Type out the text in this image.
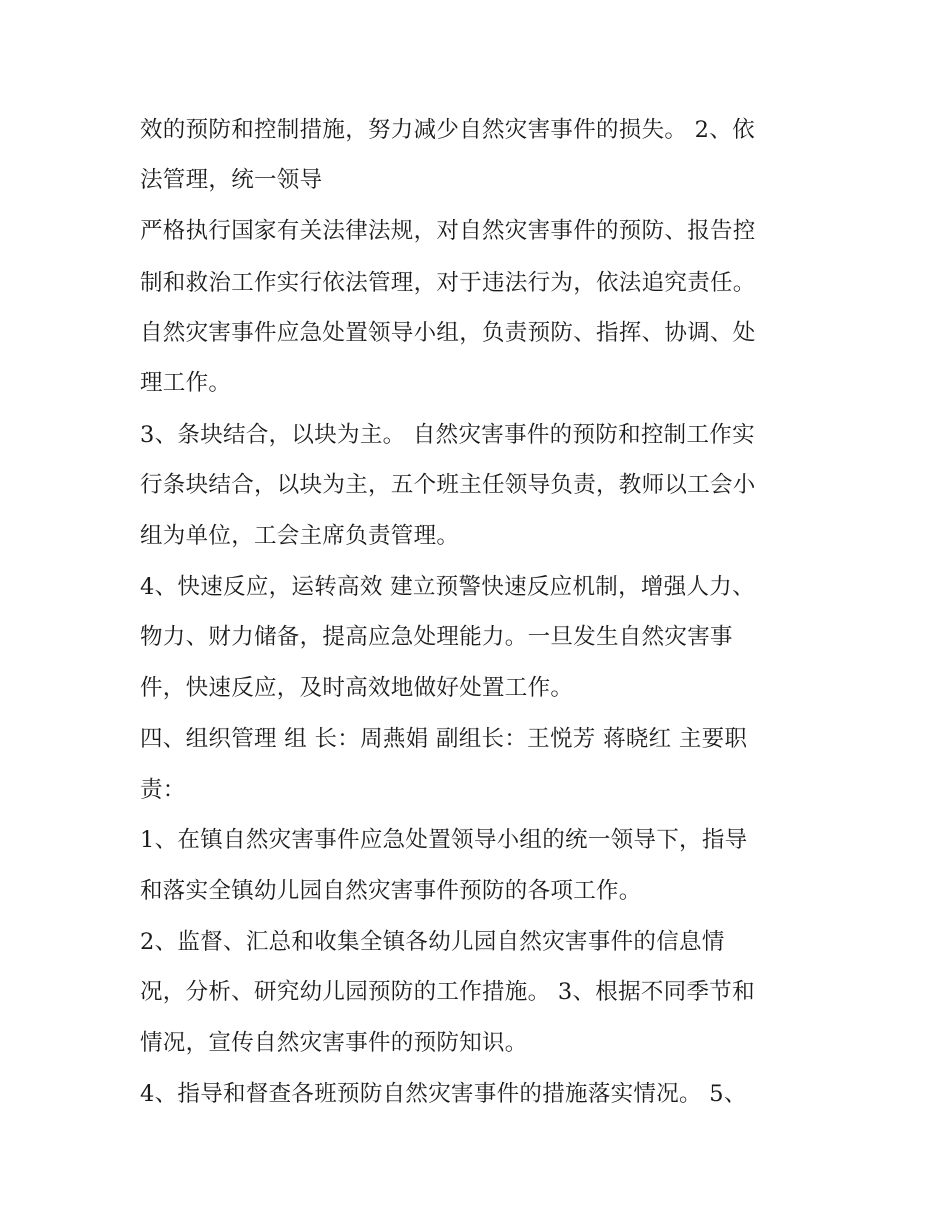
效的预防和控制措施，努力减少自然灾害事件的损失。 2、依
法管理，统一领导
严格执行国家有关法律法规，对自然灾害事件的预防、报告控
制和救治工作实行依法管理，对于违法行为，依法追究责任。
自然灾害事件应急处置领导小组，负责预防、指挥、协调、处
理工作。
3、条块结合，以块为主。 自然灾害事件的预防和控制工作实
行条块结合，以块为主，五个班主任领导负责，教师以工会小
组为单位，工会主席负责管理。
4、快速反应，运转高效 建立预警快速反应机制，增强人力、
物力、财力储备，提高应急处理能力。一旦发生自然灾害事
件，快速反应，及时高效地做好处置工作。
四、组织管理 组 长：周燕娟 副组长：王悦芳 蒋晓红 主要职
责：
1、在镇自然灾害事件应急处置领导小组的统一领导下，指导
和落实全镇幼儿园自然灾害事件预防的各项工作。
2、监督、汇总和收集全镇各幼儿园自然灾害事件的信息情
况，分析、研究幼儿园预防的工作措施。 3、根据不同季节和
情况，宣传自然灾害事件的预防知识。
4、指导和督查各班预防自然灾害事件的措施落实情况。 5、
